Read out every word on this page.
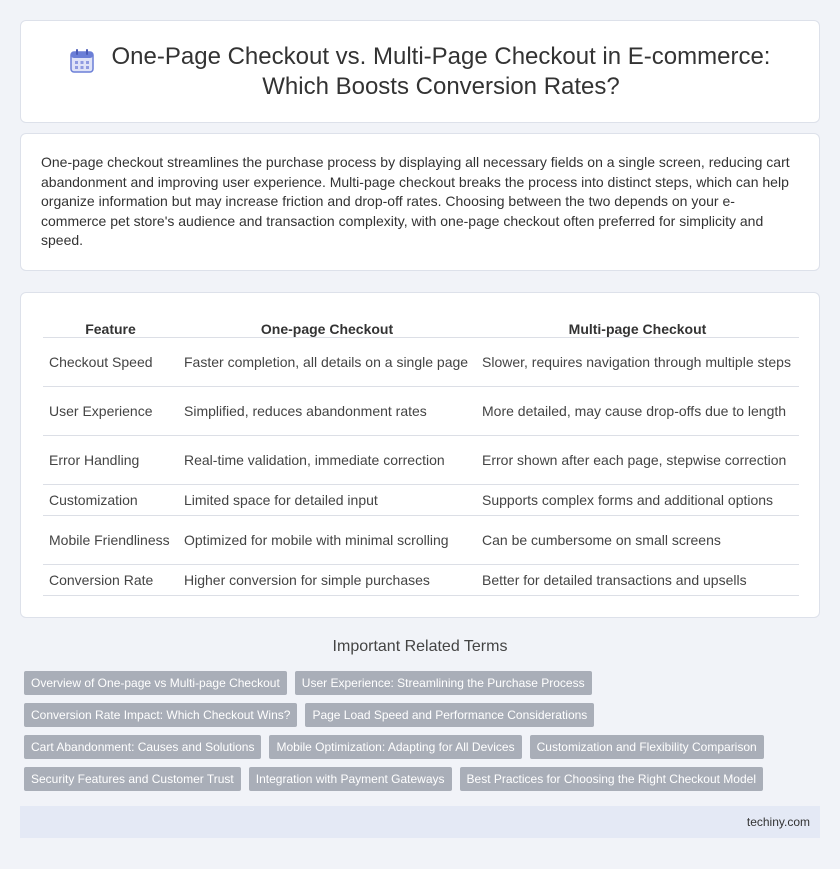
One-Page Checkout vs. Multi-Page Checkout in E-commerce: Which Boosts Conversion Rates?

One-page checkout streamlines the purchase process by displaying all necessary fields on a single screen, reducing cart abandonment and improving user experience. Multi-page checkout breaks the process into distinct steps, which can help organize information but may increase friction and drop-off rates. Choosing between the two depends on your e-commerce pet store's audience and transaction complexity, with one-page checkout often preferred for simplicity and speed.

Feature	One-page Checkout	Multi-page Checkout
Checkout Speed	Faster completion, all details on a single page	Slower, requires navigation through multiple steps
User Experience	Simplified, reduces abandonment rates	More detailed, may cause drop-offs due to length
Error Handling	Real-time validation, immediate correction	Error shown after each page, stepwise correction
Customization	Limited space for detailed input	Supports complex forms and additional options
Mobile Friendliness	Optimized for mobile with minimal scrolling	Can be cumbersome on small screens
Conversion Rate	Higher conversion for simple purchases	Better for detailed transactions and upsells
Important Related Terms
Overview of One-page vs Multi-page Checkout	User Experience: Streamlining the Purchase Process
Conversion Rate Impact: Which Checkout Wins?	Page Load Speed and Performance Considerations
Cart Abandonment: Causes and Solutions	Mobile Optimization: Adapting for All Devices	Customization and Flexibility Comparison
Security Features and Customer Trust	Integration with Payment Gateways	Best Practices for Choosing the Right Checkout Model
techiny.com
